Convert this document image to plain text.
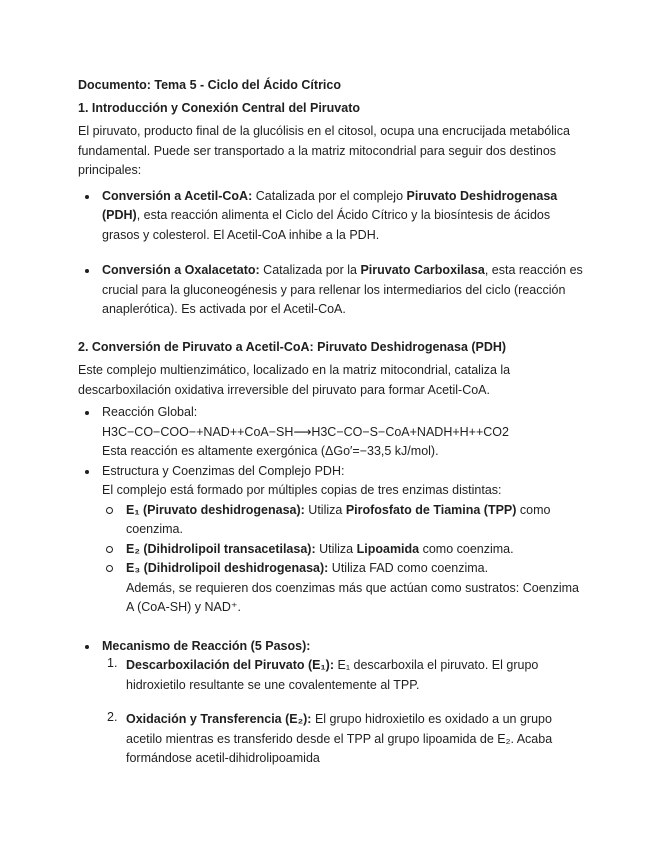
Documento: Tema 5 - Ciclo del Ácido Cítrico

1. Introducción y Conexión Central del Piruvato

El piruvato, producto final de la glucólisis en el citosol, ocupa una encrucijada metabólica fundamental. Puede ser transportado a la matriz mitocondrial para seguir dos destinos principales:

Conversión a Acetil-CoA: Catalizada por el complejo Piruvato Deshidrogenasa (PDH), esta reacción alimenta el Ciclo del Ácido Cítrico y la biosíntesis de ácidos grasos y colesterol. El Acetil-CoA inhibe a la PDH.

Conversión a Oxalacetato: Catalizada por la Piruvato Carboxilasa, esta reacción es crucial para la gluconeogénesis y para rellenar los intermediarios del ciclo (reacción anaplerótica). Es activada por el Acetil-CoA.

2. Conversión de Piruvato a Acetil-CoA: Piruvato Deshidrogenasa (PDH)

Este complejo multienzimático, localizado en la matriz mitocondrial, cataliza la descarboxilación oxidativa irreversible del piruvato para formar Acetil-CoA.

Reacción Global:

H3C−CO−COO−+NAD++CoA−SH⟶H3C−CO−S−CoA+NADH+H++CO2

Esta reacción es altamente exergónica (ΔGo′=−33,5 kJ/mol).

Estructura y Coenzimas del Complejo PDH:

El complejo está formado por múltiples copias de tres enzimas distintas:

E₁ (Piruvato deshidrogenasa): Utiliza Pirofosfato de Tiamina (TPP) como coenzima.

E₂ (Dihidrolipoil transacetilasa): Utiliza Lipoamida como coenzima.

E₃ (Dihidrolipoil deshidrogenasa): Utiliza FAD como coenzima.

Además, se requieren dos coenzimas más que actúan como sustratos: Coenzima A (CoA-SH) y NAD⁺.

Mecanismo de Reacción (5 Pasos):

1. Descarboxilación del Piruvato (E₁): E₁ descarboxila el piruvato. El grupo hidroxietilo resultante se une covalentemente al TPP.

2. Oxidación y Transferencia (E₂): El grupo hidroxietilo es oxidado a un grupo acetilo mientras es transferido desde el TPP al grupo lipoamida de E₂. Acaba formándose acetil-dihidrolipoamida
